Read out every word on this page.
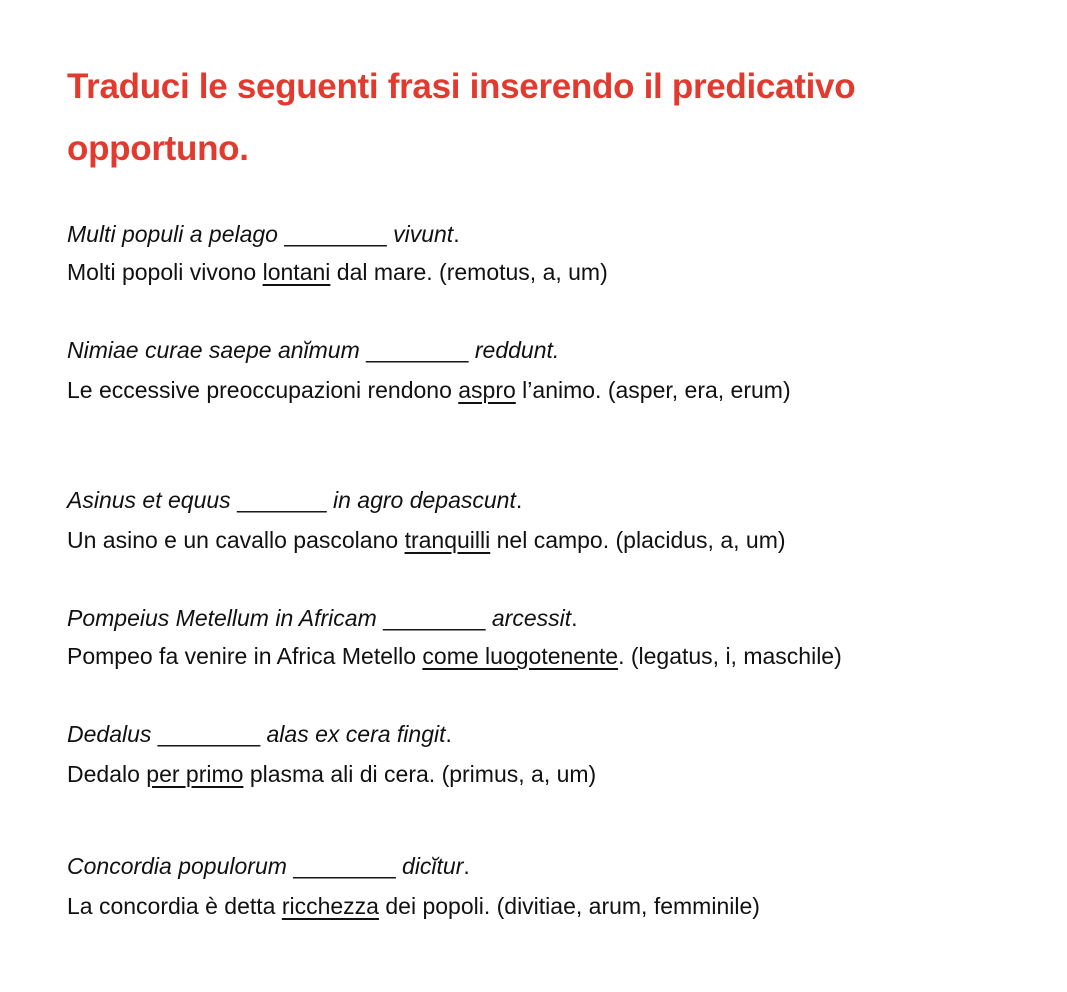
Traduci le seguenti frasi inserendo il predicativo opportuno.

Multi populi a pelago ________ vivunt.

Molti popoli vivono lontani dal mare. (remotus, a, um)

Nimiae curae saepe anĭmum ________ reddunt.

Le eccessive preoccupazioni rendono aspro l’animo. (asper, era, erum)

Asinus et equus _______ in agro depascunt.

Un asino e un cavallo pascolano tranquilli nel campo. (placidus, a, um)

Pompeius Metellum in Africam ________ arcessit.

Pompeo fa venire in Africa Metello come luogotenente. (legatus, i, maschile)

Dedalus ________ alas ex cera fingit.

Dedalo per primo plasma ali di cera. (primus, a, um)

Concordia populorum ________ dicĭtur.

La concordia è detta ricchezza dei popoli. (divitiae, arum, femminile)
